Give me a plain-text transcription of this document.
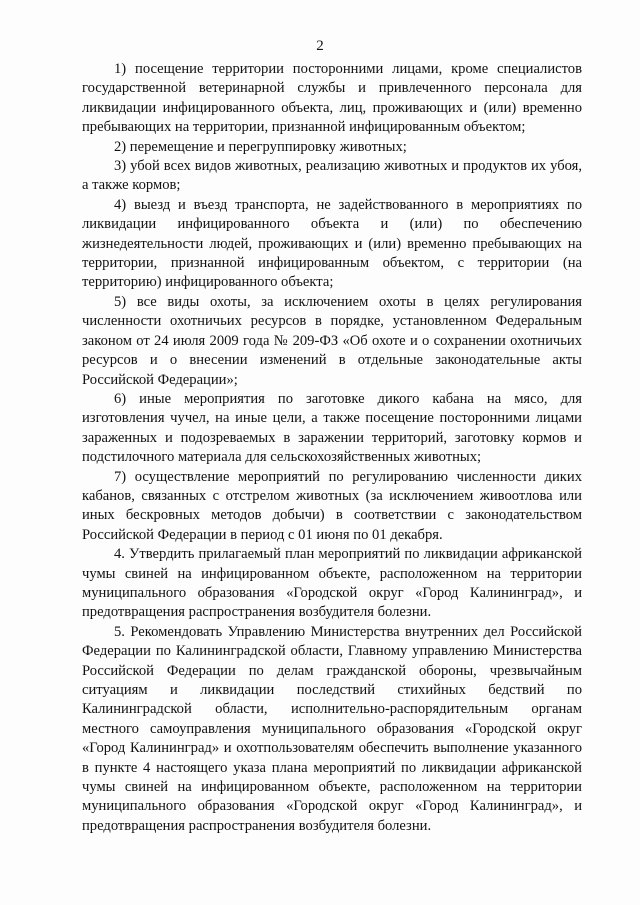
2

1) посещение территории посторонними лицами, кроме специалистов государственной ветеринарной службы и привлеченного персонала для ликвидации инфицированного объекта, лиц, проживающих и (или) временно пребывающих на территории, признанной инфицированным объектом;

2) перемещение и перегруппировку животных;

3) убой всех видов животных, реализацию животных и продуктов их убоя, а также кормов;

4) выезд и въезд транспорта, не задействованного в мероприятиях по ликвидации инфицированного объекта и (или) по обеспечению жизнедеятельности людей, проживающих и (или) временно пребывающих на территории, признанной инфицированным объектом, с территории (на территорию) инфицированного объекта;

5) все виды охоты, за исключением охоты в целях регулирования численности охотничьих ресурсов в порядке, установленном Федеральным законом от 24 июля 2009 года № 209-ФЗ «Об охоте и о сохранении охотничьих ресурсов и о внесении изменений в отдельные законодательные акты Российской Федерации»;

6) иные мероприятия по заготовке дикого кабана на мясо, для изготовления чучел, на иные цели, а также посещение посторонними лицами зараженных и подозреваемых в заражении территорий, заготовку кормов и подстилочного материала для сельскохозяйственных животных;

7) осуществление мероприятий по регулированию численности диких кабанов, связанных с отстрелом животных (за исключением живоотлова или иных бескровных методов добычи) в соответствии с законодательством Российской Федерации в период с 01 июня по 01 декабря.

4. Утвердить прилагаемый план мероприятий по ликвидации африканской чумы свиней на инфицированном объекте, расположенном на территории муниципального образования «Городской округ «Город Калининград», и предотвращения распространения возбудителя болезни.

5. Рекомендовать Управлению Министерства внутренних дел Российской Федерации по Калининградской области, Главному управлению Министерства Российской Федерации по делам гражданской обороны, чрезвычайным ситуациям и ликвидации последствий стихийных бедствий по Калининградской области, исполнительно-распорядительным органам местного самоуправления муниципального образования «Городской округ «Город Калининград» и охотпользователям обеспечить выполнение указанного в пункте 4 настоящего указа плана мероприятий по ликвидации африканской чумы свиней на инфицированном объекте, расположенном на территории муниципального образования «Городской округ «Город Калининград», и предотвращения распространения возбудителя болезни.
